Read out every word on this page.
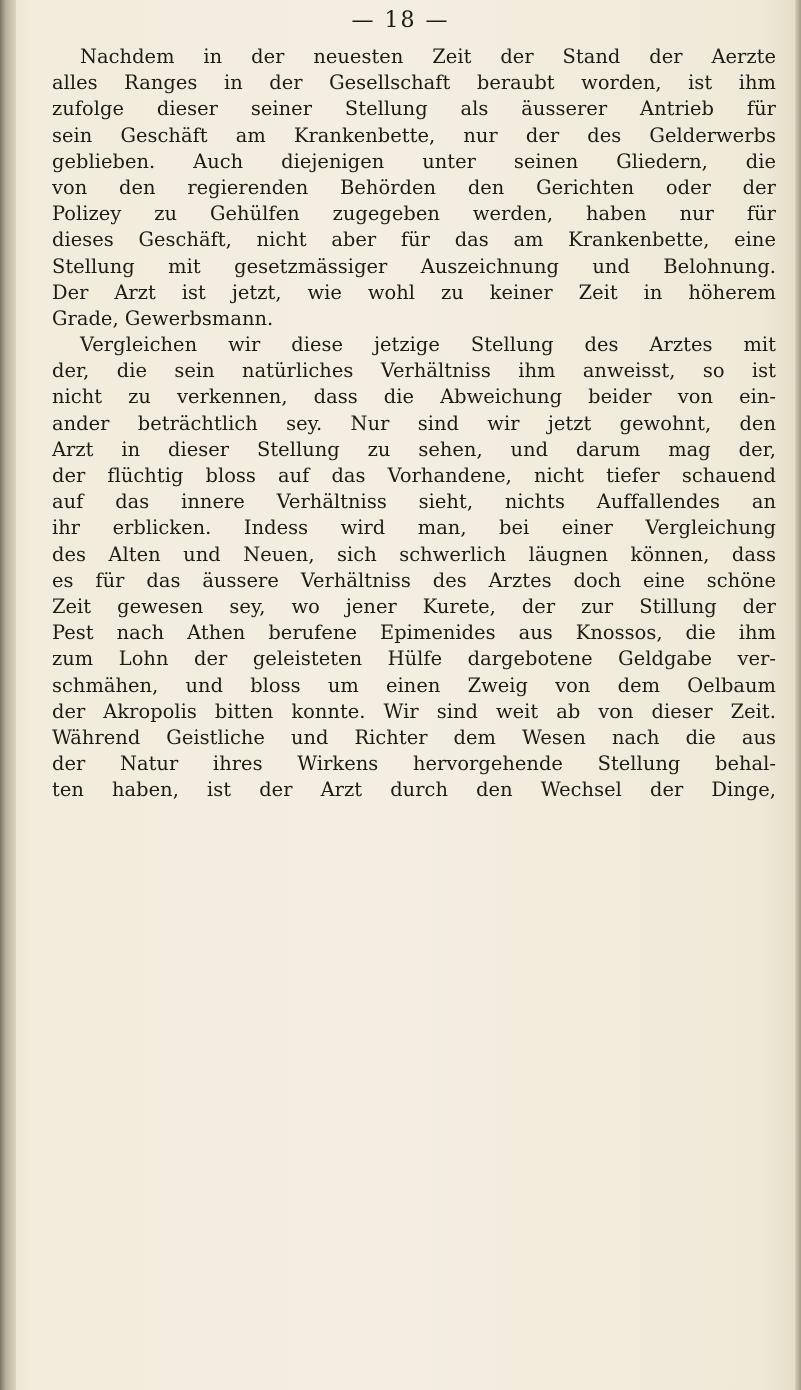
— 18 —
Nachdem in der neuesten Zeit der Stand der Aerzte
alles Ranges in der Gesellschaft beraubt worden, ist ihm
zufolge dieser seiner Stellung als äusserer Antrieb für
sein Geschäft am Krankenbette, nur der des Gelderwerbs
geblieben. Auch diejenigen unter seinen Gliedern, die
von den regierenden Behörden den Gerichten oder der
Polizey zu Gehülfen zugegeben werden, haben nur für
dieses Geschäft, nicht aber für das am Krankenbette, eine
Stellung mit gesetzmässiger Auszeichnung und Belohnung.
Der Arzt ist jetzt, wie wohl zu keiner Zeit in höherem
Grade, Gewerbsmann.
Vergleichen wir diese jetzige Stellung des Arztes mit
der, die sein natürliches Verhältniss ihm anweisst, so ist
nicht zu verkennen, dass die Abweichung beider von ein-
ander beträchtlich sey. Nur sind wir jetzt gewohnt, den
Arzt in dieser Stellung zu sehen, und darum mag der,
der flüchtig bloss auf das Vorhandene, nicht tiefer schauend
auf das innere Verhältniss sieht, nichts Auffallendes an
ihr erblicken. Indess wird man, bei einer Vergleichung
des Alten und Neuen, sich schwerlich läugnen können, dass
es für das äussere Verhältniss des Arztes doch eine schöne
Zeit gewesen sey, wo jener Kurete, der zur Stillung der
Pest nach Athen berufene Epimenides aus Knossos, die ihm
zum Lohn der geleisteten Hülfe dargebotene Geldgabe ver-
schmähen, und bloss um einen Zweig von dem Oelbaum
der Akropolis bitten konnte. Wir sind weit ab von dieser Zeit.
Während Geistliche und Richter dem Wesen nach die aus
der Natur ihres Wirkens hervorgehende Stellung behal-
ten haben, ist der Arzt durch den Wechsel der Dinge,
